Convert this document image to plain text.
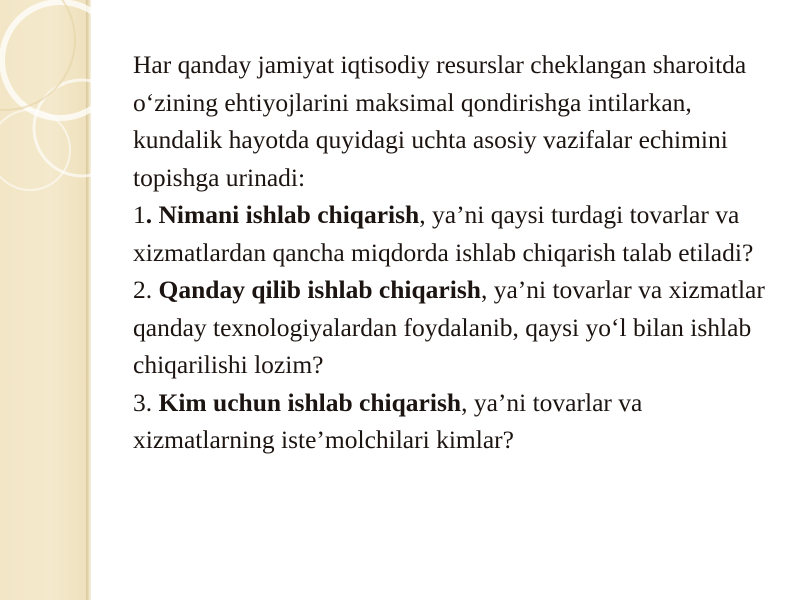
Har qanday jamiyat iqtisodiy resurslar cheklangan sharoitda o‘zining ehtiyojlarini maksimal qondirishga intilarkan, kundalik hayotda quyidagi uchta asosiy vazifalar echimini topishga urinadi:

1. Nimani ishlab chiqarish, ya’ni qaysi turdagi tovarlar va xizmatlardan qancha miqdorda ishlab chiqarish talab etiladi?

2. Qanday qilib ishlab chiqarish, ya’ni tovarlar va xizmatlar qanday texnologiyalardan foydalanib, qaysi yo‘l bilan ishlab chiqarilishi lozim?

3. Kim uchun ishlab chiqarish, ya’ni tovarlar va xizmatlarning iste’molchilari kimlar?
